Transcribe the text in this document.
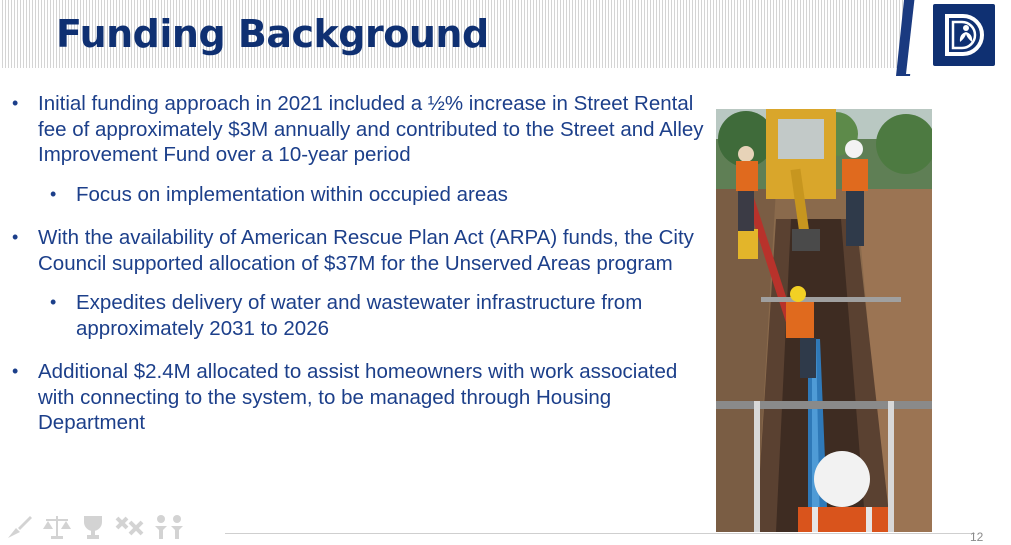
Funding Background
• Initial funding approach in 2021 included a ½% increase in Street Rental fee of approximately $3M annually and contributed to the Street and Alley Improvement Fund over a 10-year period
• Focus on implementation within occupied areas
• With the availability of American Rescue Plan Act (ARPA) funds, the City Council supported allocation of $37M for the Unserved Areas program
• Expedites delivery of water and wastewater infrastructure from approximately 2031 to 2026
• Additional $2.4M allocated to assist homeowners with work associated with connecting to the system, to be managed through Housing Department
12
